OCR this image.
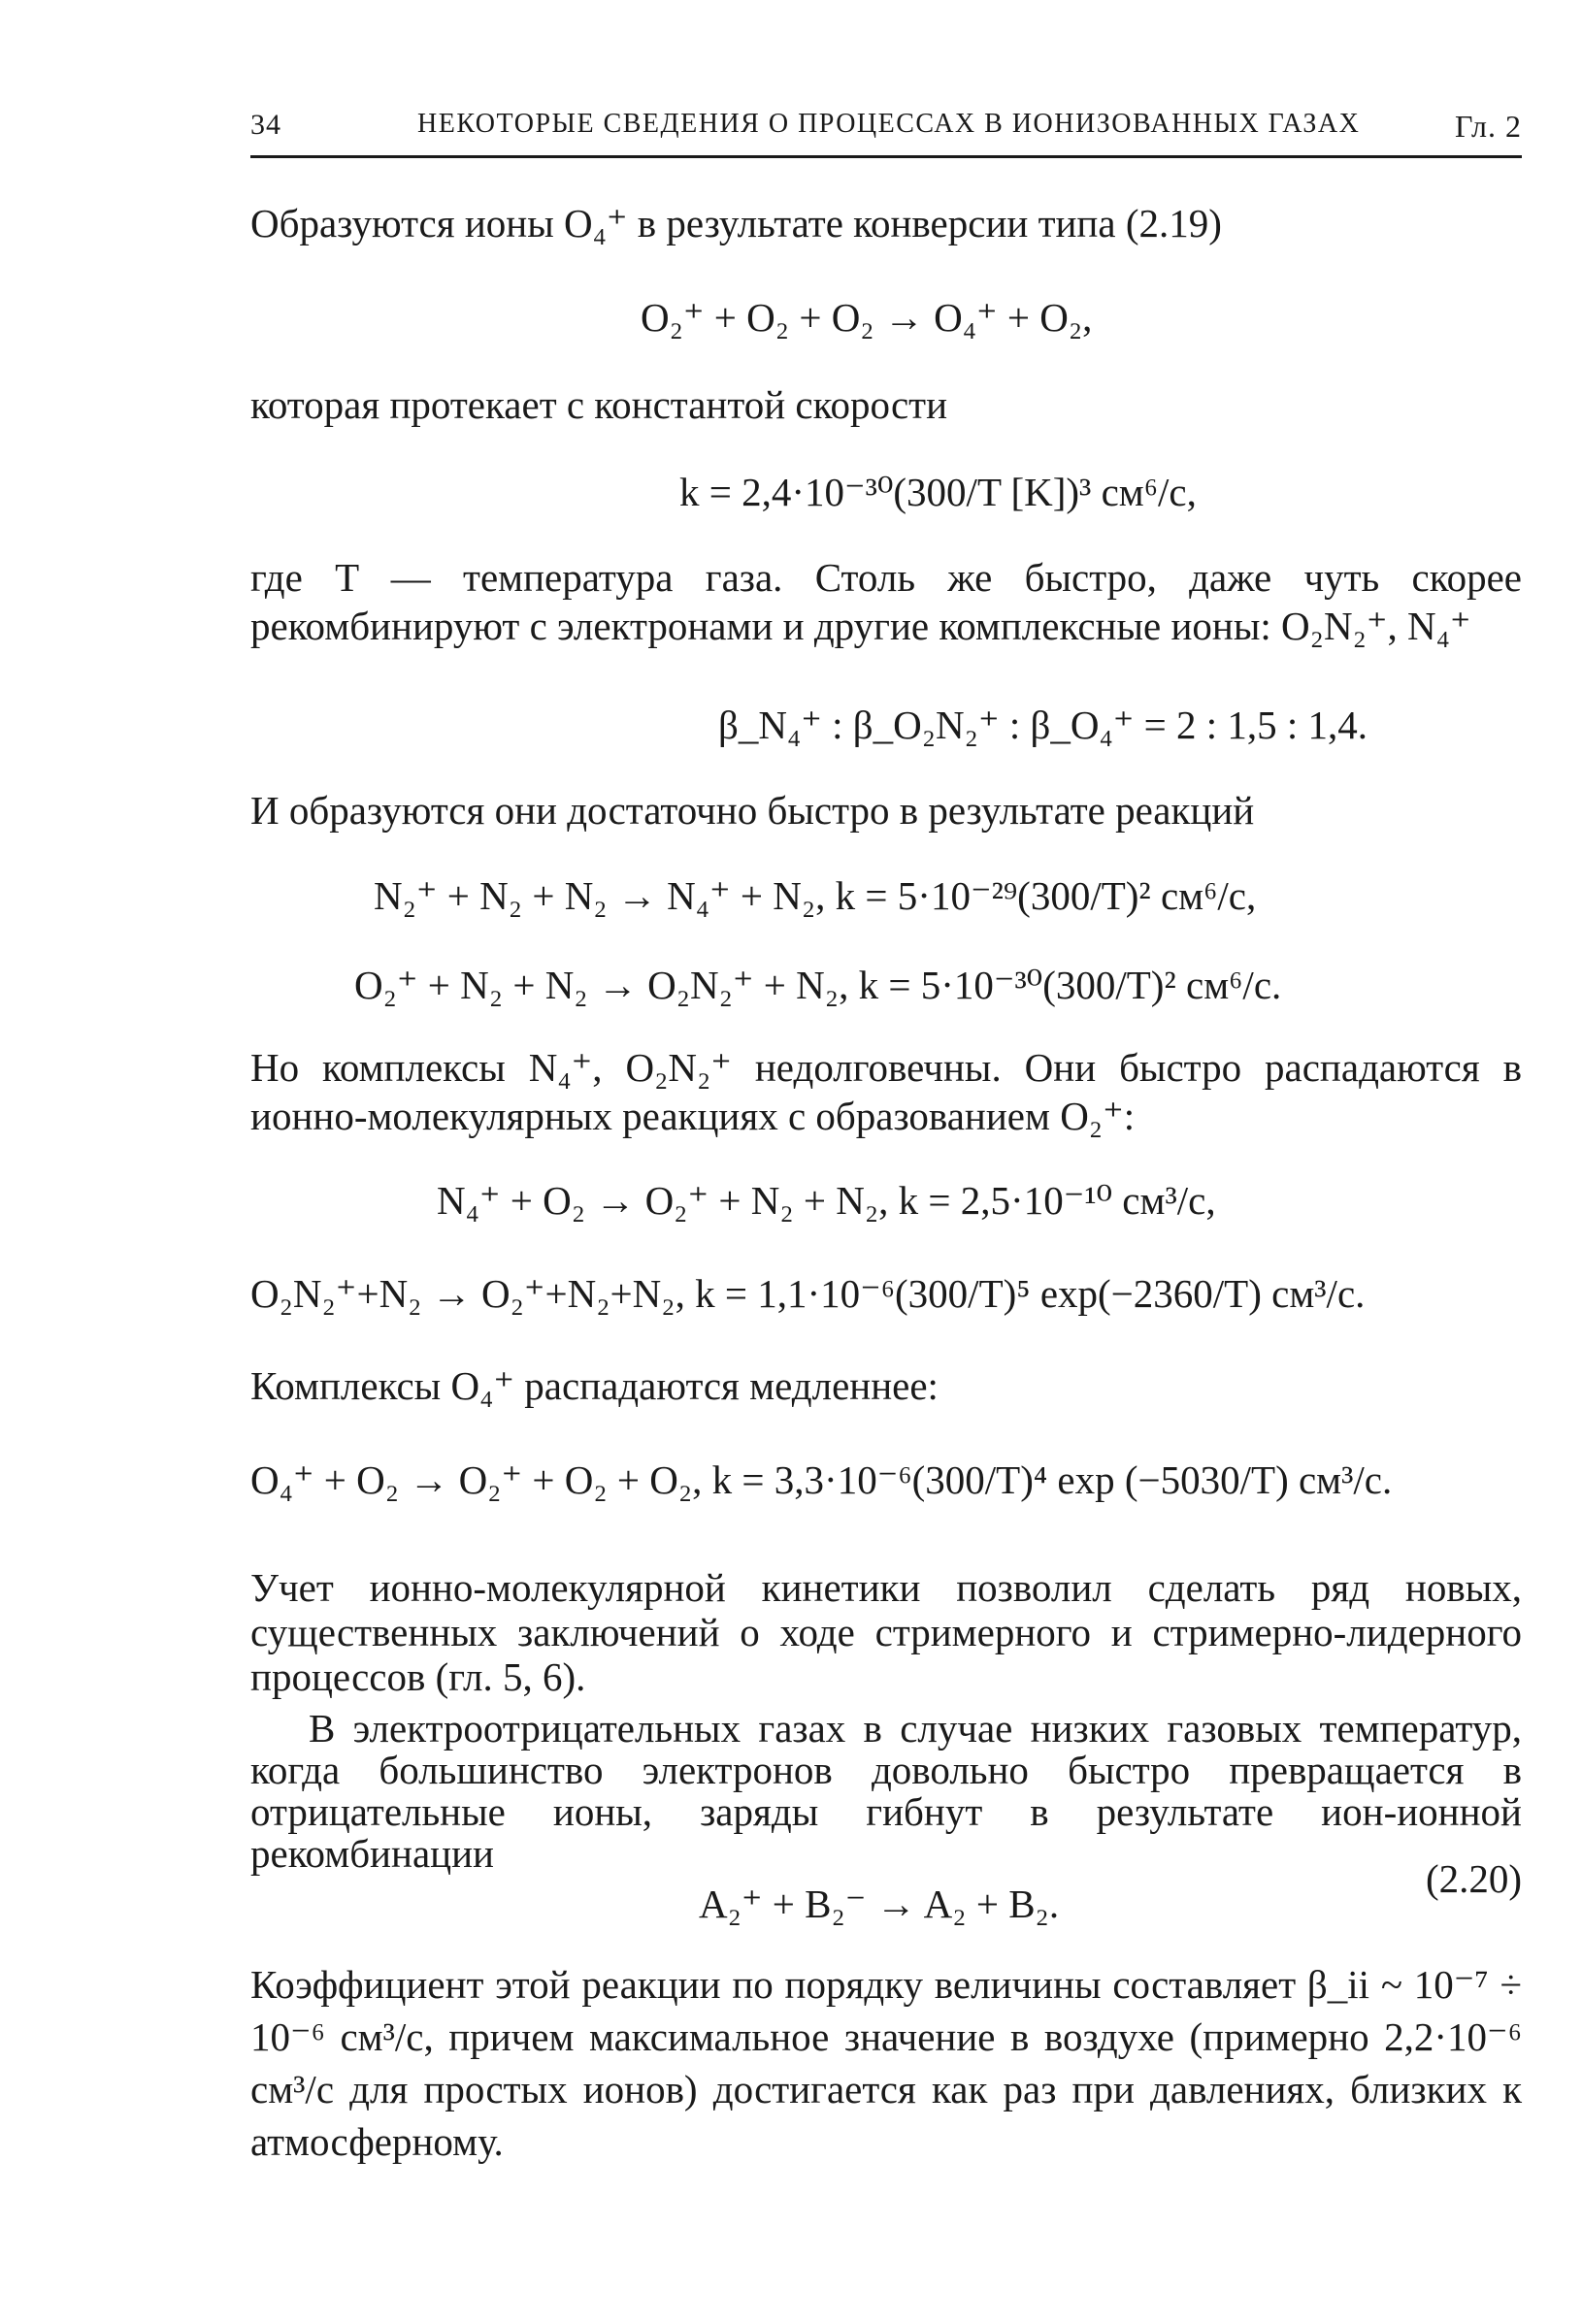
34	НЕКОТОРЫЕ СВЕДЕНИЯ О ПРОЦЕССАХ В ИОНИЗОВАННЫХ ГАЗАХ	Гл. 2

Образуются ионы O₄⁺ в результате конверсии типа (2.19)

O₂⁺ + O₂ + O₂ → O₄⁺ + O₂,

которая протекает с константой скорости

k = 2,4·10⁻³⁰(300/T [K])³ см⁶/с,

где T — температура газа. Столь же быстро, даже чуть скорее рекомбинируют с электронами и другие комплексные ионы: O₂N₂⁺, N₄⁺

β_N₄⁺ : β_O₂N₂⁺ : β_O₄⁺ = 2 : 1,5 : 1,4.

И образуются они достаточно быстро в результате реакций

N₂⁺ + N₂ + N₂ → N₄⁺ + N₂, k = 5·10⁻²⁹(300/T)² см⁶/с,
O₂⁺ + N₂ + N₂ → O₂N₂⁺ + N₂, k = 5·10⁻³⁰(300/T)² см⁶/с.

Но комплексы N₄⁺, O₂N₂⁺ недолговечны. Они быстро распадаются в ионно-молекулярных реакциях с образованием O₂⁺:

N₄⁺ + O₂ → O₂⁺ + N₂ + N₂, k = 2,5·10⁻¹⁰ см³/с,
O₂N₂⁺+N₂ → O₂⁺+N₂+N₂, k = 1,1·10⁻⁶(300/T)⁵ exp(−2360/T) см³/с.

Комплексы O₄⁺ распадаются медленнее:

O₄⁺ + O₂ → O₂⁺ + O₂ + O₂, k = 3,3·10⁻⁶(300/T)⁴ exp (−5030/T) см³/с.

Учет ионно-молекулярной кинетики позволил сделать ряд новых, существенных заключений о ходе стримерного и стримерно-лидерного процессов (гл. 5, 6).

В электроотрицательных газах в случае низких газовых температур, когда большинство электронов довольно быстро превращается в отрицательные ионы, заряды гибнут в результате ион-ионной рекомбинации

A₂⁺ + B₂⁻ → A₂ + B₂.
(2.20)

Коэффициент этой реакции по порядку величины составляет β_ii ~ 10⁻⁷ ÷ 10⁻⁶ см³/с, причем максимальное значение в воздухе (примерно 2,2·10⁻⁶ см³/с для простых ионов) достигается как раз при давлениях, близких к атмосферному.
